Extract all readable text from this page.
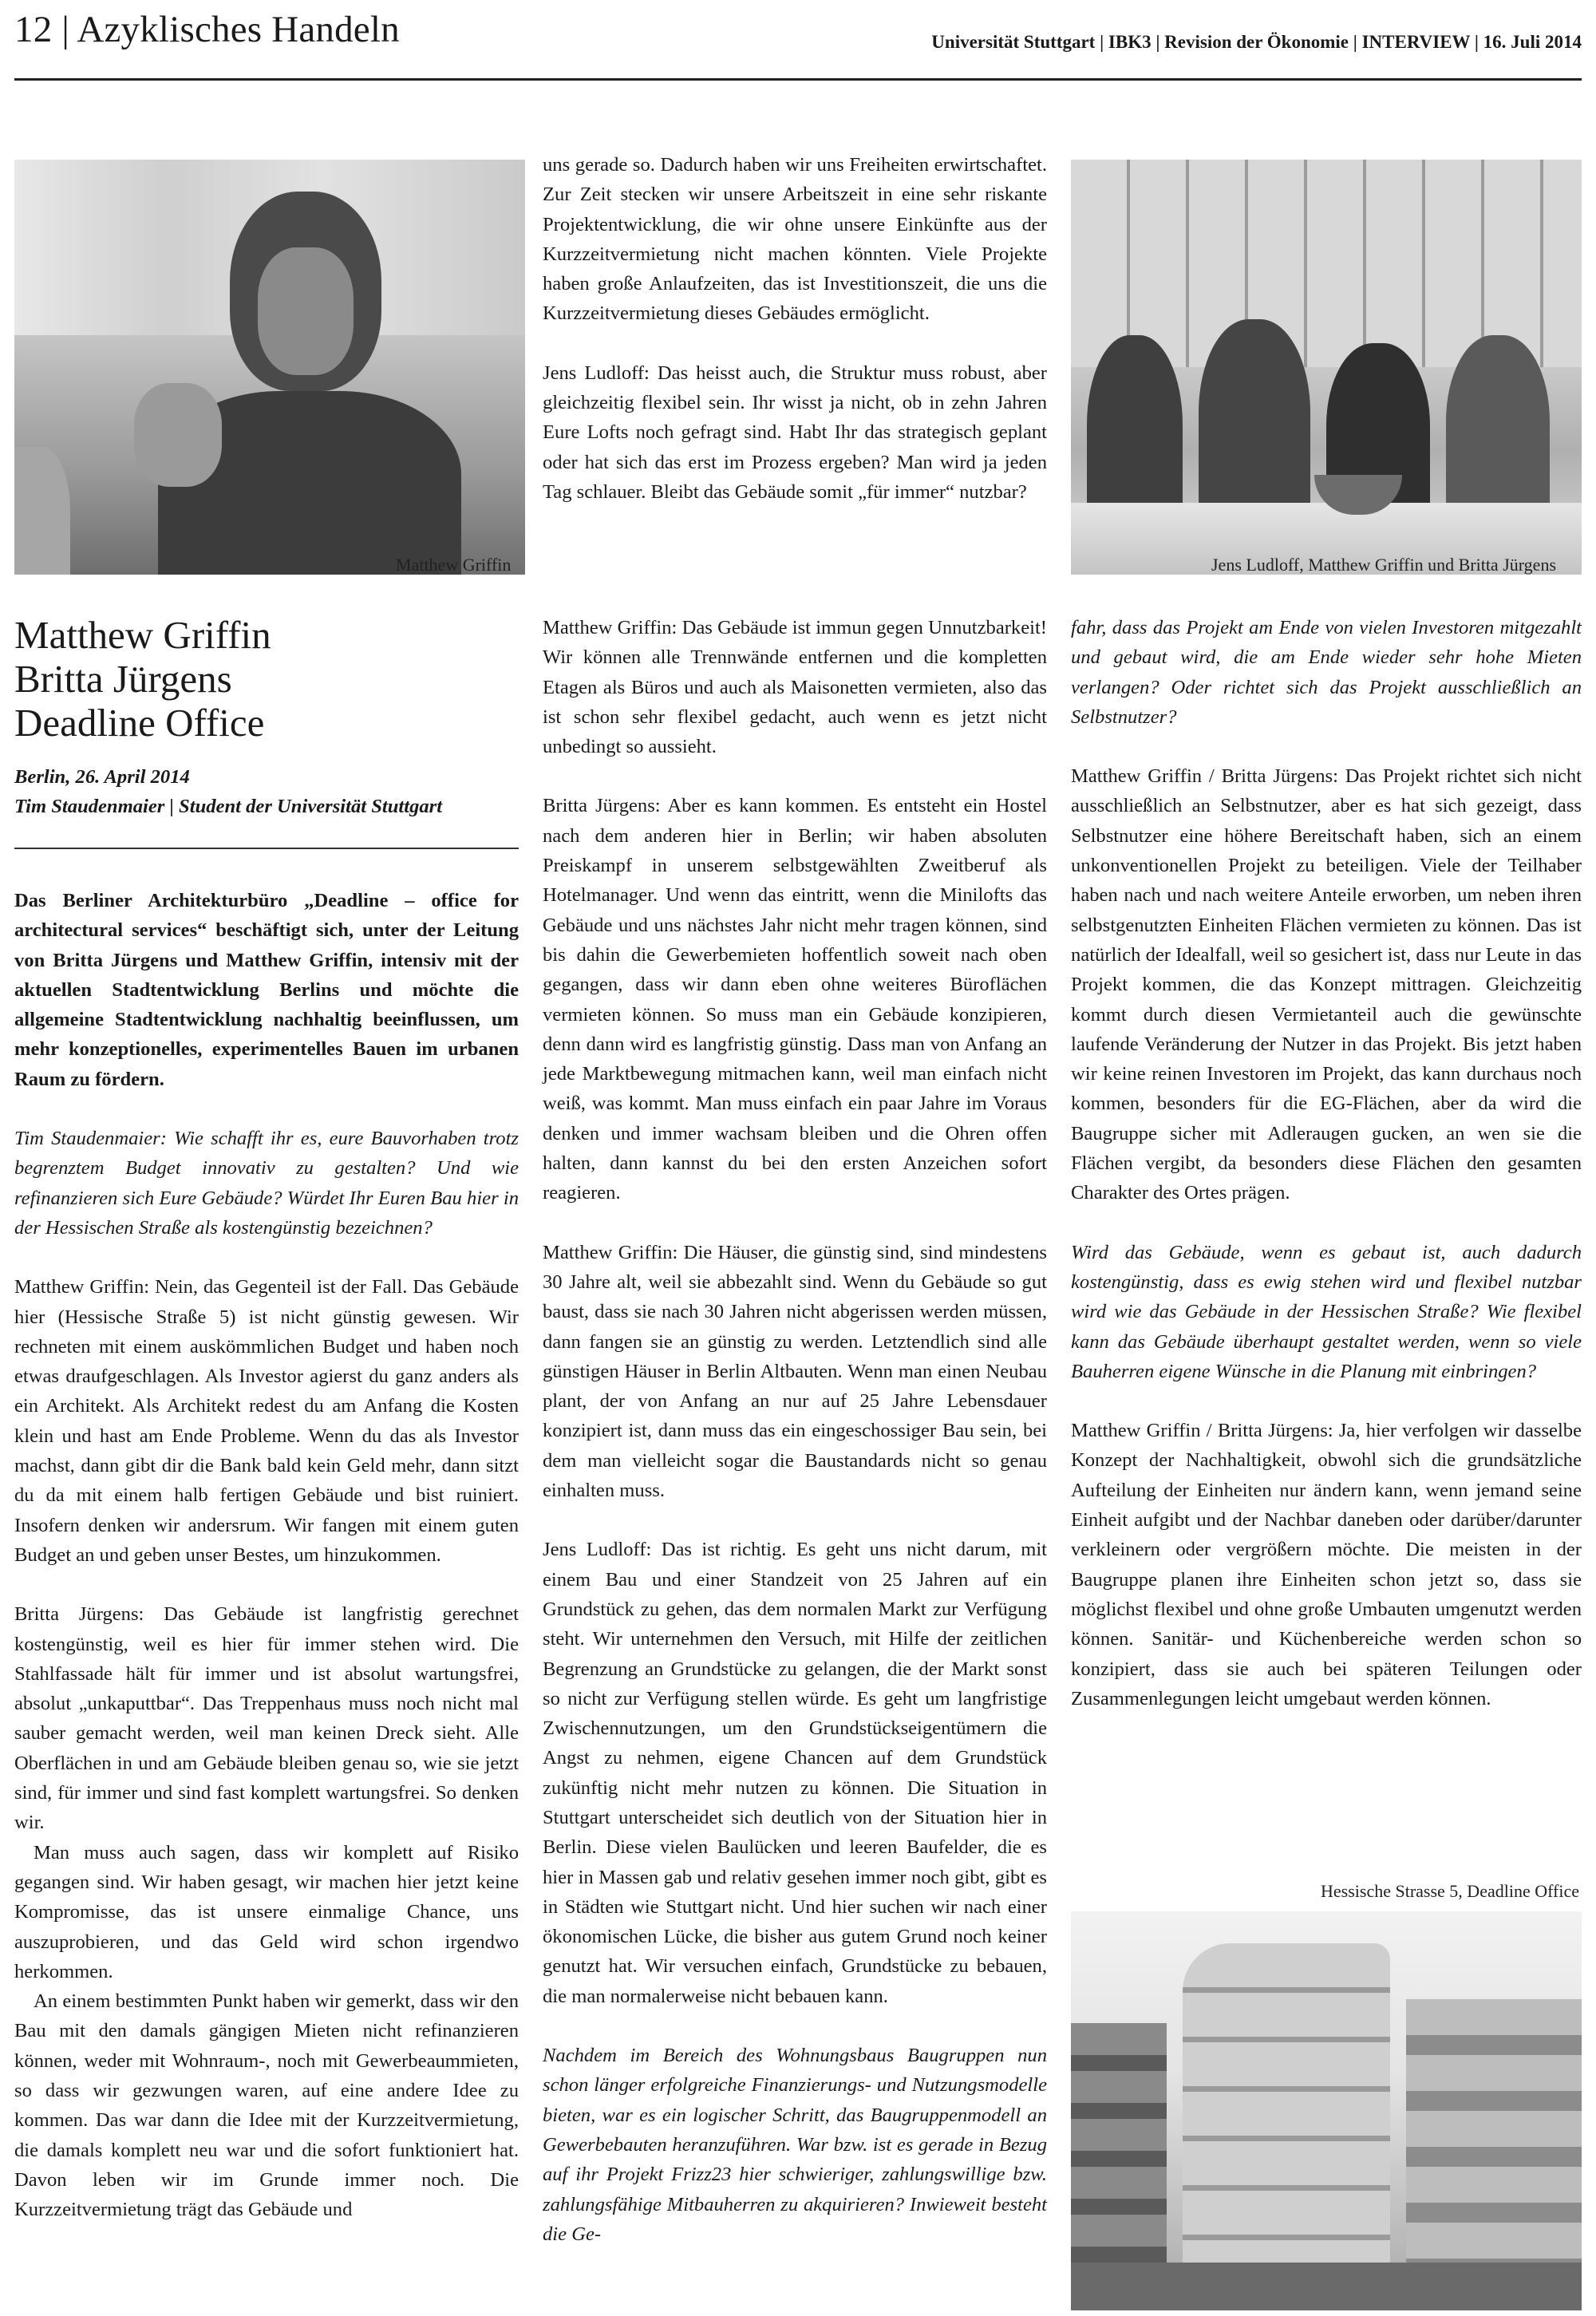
12 | Azyklisches Handeln	Universität Stuttgart | IBK3 | Revision der Ökonomie | INTERVIEW | 16. Juli 2014
Matthew Griffin	Jens Ludloff, Matthew Griffin und Britta Jürgens
Hessische Strasse 5, Deadline Office
Matthew Griffin
Britta Jürgens
Deadline Office
Berlin, 26. April 2014
Tim Staudenmaier | Student der Universität Stuttgart

Das Berliner Architekturbüro „Deadline – office for architectural services“ beschäftigt sich, unter der Leitung von Britta Jürgens und Matthew Griffin, intensiv mit der aktuellen Stadtentwicklung Berlins und möchte die allgemeine Stadtentwicklung nachhaltig beeinflussen, um mehr konzeptionelles, experimentelles Bauen im urbanen Raum zu fördern.

Tim Staudenmaier: Wie schafft ihr es, eure Bauvorhaben trotz begrenztem Budget innovativ zu gestalten? Und wie refinanzieren sich Eure Gebäude? Würdet Ihr Euren Bau hier in der Hessischen Straße als kostengünstig bezeichnen?

Matthew Griffin: Nein, das Gegenteil ist der Fall. Das Gebäude hier (Hessische Straße 5) ist nicht günstig gewesen. Wir rechneten mit einem auskömmlichen Budget und haben noch etwas draufgeschlagen. Als Investor agierst du ganz anders als ein Architekt. Als Architekt redest du am Anfang die Kosten klein und hast am Ende Probleme. Wenn du das als Investor machst, dann gibt dir die Bank bald kein Geld mehr, dann sitzt du da mit einem halb fertigen Gebäude und bist ruiniert. Insofern denken wir andersrum. Wir fangen mit einem guten Budget an und geben unser Bestes, um hinzukommen.

Britta Jürgens: Das Gebäude ist langfristig gerechnet kostengünstig, weil es hier für immer stehen wird. Die Stahlfassade hält für immer und ist absolut wartungsfrei, absolut „unkaputtbar“. Das Treppenhaus muss noch nicht mal sauber gemacht werden, weil man keinen Dreck sieht. Alle Oberflächen in und am Gebäude bleiben genau so, wie sie jetzt sind, für immer und sind fast komplett wartungsfrei. So denken wir.

Man muss auch sagen, dass wir komplett auf Risiko gegangen sind. Wir haben gesagt, wir machen hier jetzt keine Kompromisse, das ist unsere einmalige Chance, uns auszuprobieren, und das Geld wird schon irgendwo herkommen.

An einem bestimmten Punkt haben wir gemerkt, dass wir den Bau mit den damals gängigen Mieten nicht refinanzieren können, weder mit Wohnraum-, noch mit Gewerbeaummieten, so dass wir gezwungen waren, auf eine andere Idee zu kommen. Das war dann die Idee mit der Kurzzeitvermietung, die damals komplett neu war und die sofort funktioniert hat. Davon leben wir im Grunde immer noch. Die Kurzzeitvermietung trägt das Gebäude und

uns gerade so. Dadurch haben wir uns Freiheiten erwirtschaftet. Zur Zeit stecken wir unsere Arbeitszeit in eine sehr riskante Projektentwicklung, die wir ohne unsere Einkünfte aus der Kurzzeitvermietung nicht machen könnten. Viele Projekte haben große Anlaufzeiten, das ist Investitionszeit, die uns die Kurzzeitvermietung dieses Gebäudes ermöglicht.

Jens Ludloff: Das heisst auch, die Struktur muss robust, aber gleichzeitig flexibel sein. Ihr wisst ja nicht, ob in zehn Jahren Eure Lofts noch gefragt sind. Habt Ihr das strategisch geplant oder hat sich das erst im Prozess ergeben? Man wird ja jeden Tag schlauer. Bleibt das Gebäude somit „für immer“ nutzbar?

Matthew Griffin: Das Gebäude ist immun gegen Unnutzbarkeit! Wir können alle Trennwände entfernen und die kompletten Etagen als Büros und auch als Maisonetten vermieten, also das ist schon sehr flexibel gedacht, auch wenn es jetzt nicht unbedingt so aussieht.

Britta Jürgens: Aber es kann kommen. Es entsteht ein Hostel nach dem anderen hier in Berlin; wir haben absoluten Preiskampf in unserem selbstgewählten Zweitberuf als Hotelmanager. Und wenn das eintritt, wenn die Minilofts das Gebäude und uns nächstes Jahr nicht mehr tragen können, sind bis dahin die Gewerbemieten hoffentlich soweit nach oben gegangen, dass wir dann eben ohne weiteres Büroflächen vermieten können. So muss man ein Gebäude konzipieren, denn dann wird es langfristig günstig. Dass man von Anfang an jede Marktbewegung mitmachen kann, weil man einfach nicht weiß, was kommt. Man muss einfach ein paar Jahre im Voraus denken und immer wachsam bleiben und die Ohren offen halten, dann kannst du bei den ersten Anzeichen sofort reagieren.

Matthew Griffin: Die Häuser, die günstig sind, sind mindestens 30 Jahre alt, weil sie abbezahlt sind. Wenn du Gebäude so gut baust, dass sie nach 30 Jahren nicht abgerissen werden müssen, dann fangen sie an günstig zu werden. Letztendlich sind alle günstigen Häuser in Berlin Altbauten. Wenn man einen Neubau plant, der von Anfang an nur auf 25 Jahre Lebensdauer konzipiert ist, dann muss das ein eingeschossiger Bau sein, bei dem man vielleicht sogar die Baustandards nicht so genau einhalten muss.

Jens Ludloff: Das ist richtig. Es geht uns nicht darum, mit einem Bau und einer Standzeit von 25 Jahren auf ein Grundstück zu gehen, das dem normalen Markt zur Verfügung steht. Wir unternehmen den Versuch, mit Hilfe der zeitlichen Begrenzung an Grundstücke zu gelangen, die der Markt sonst so nicht zur Verfügung stellen würde. Es geht um langfristige Zwischennutzungen, um den Grundstückseigentümern die Angst zu nehmen, eigene Chancen auf dem Grundstück zukünftig nicht mehr nutzen zu können. Die Situation in Stuttgart unterscheidet sich deutlich von der Situation hier in Berlin. Diese vielen Baulücken und leeren Baufelder, die es hier in Massen gab und relativ gesehen immer noch gibt, gibt es in Städten wie Stuttgart nicht. Und hier suchen wir nach einer ökonomischen Lücke, die bisher aus gutem Grund noch keiner genutzt hat. Wir versuchen einfach, Grundstücke zu bebauen, die man normalerweise nicht bebauen kann.

Nachdem im Bereich des Wohnungsbaus Baugruppen nun schon länger erfolgreiche Finanzierungs- und Nutzungsmodelle bieten, war es ein logischer Schritt, das Baugruppenmodell an Gewerbebauten heranzuführen. War bzw. ist es gerade in Bezug auf ihr Projekt Frizz23 hier schwieriger, zahlungswillige bzw. zahlungsfähige Mitbauherren zu akquirieren? Inwieweit besteht die Ge-

fahr, dass das Projekt am Ende von vielen Investoren mitgezahlt und gebaut wird, die am Ende wieder sehr hohe Mieten verlangen? Oder richtet sich das Projekt ausschließlich an Selbstnutzer?

Matthew Griffin / Britta Jürgens: Das Projekt richtet sich nicht ausschließlich an Selbstnutzer, aber es hat sich gezeigt, dass Selbstnutzer eine höhere Bereitschaft haben, sich an einem unkonventionellen Projekt zu beteiligen. Viele der Teilhaber haben nach und nach weitere Anteile erworben, um neben ihren selbstgenutzten Einheiten Flächen vermieten zu können. Das ist natürlich der Idealfall, weil so gesichert ist, dass nur Leute in das Projekt kommen, die das Konzept mittragen. Gleichzeitig kommt durch diesen Vermietanteil auch die gewünschte laufende Veränderung der Nutzer in das Projekt. Bis jetzt haben wir keine reinen Investoren im Projekt, das kann durchaus noch kommen, besonders für die EG-Flächen, aber da wird die Baugruppe sicher mit Adleraugen gucken, an wen sie die Flächen vergibt, da besonders diese Flächen den gesamten Charakter des Ortes prägen.

Wird das Gebäude, wenn es gebaut ist, auch dadurch kostengünstig, dass es ewig stehen wird und flexibel nutzbar wird wie das Gebäude in der Hessischen Straße? Wie flexibel kann das Gebäude überhaupt gestaltet werden, wenn so viele Bauherren eigene Wünsche in die Planung mit einbringen?

Matthew Griffin / Britta Jürgens: Ja, hier verfolgen wir dasselbe Konzept der Nachhaltigkeit, obwohl sich die grundsätzliche Aufteilung der Einheiten nur ändern kann, wenn jemand seine Einheit aufgibt und der Nachbar daneben oder darüber/darunter verkleinern oder vergrößern möchte. Die meisten in der Baugruppe planen ihre Einheiten schon jetzt so, dass sie möglichst flexibel und ohne große Umbauten umgenutzt werden können. Sanitär- und Küchenbereiche werden schon so konzipiert, dass sie auch bei späteren Teilungen oder Zusammenlegungen leicht umgebaut werden können.
